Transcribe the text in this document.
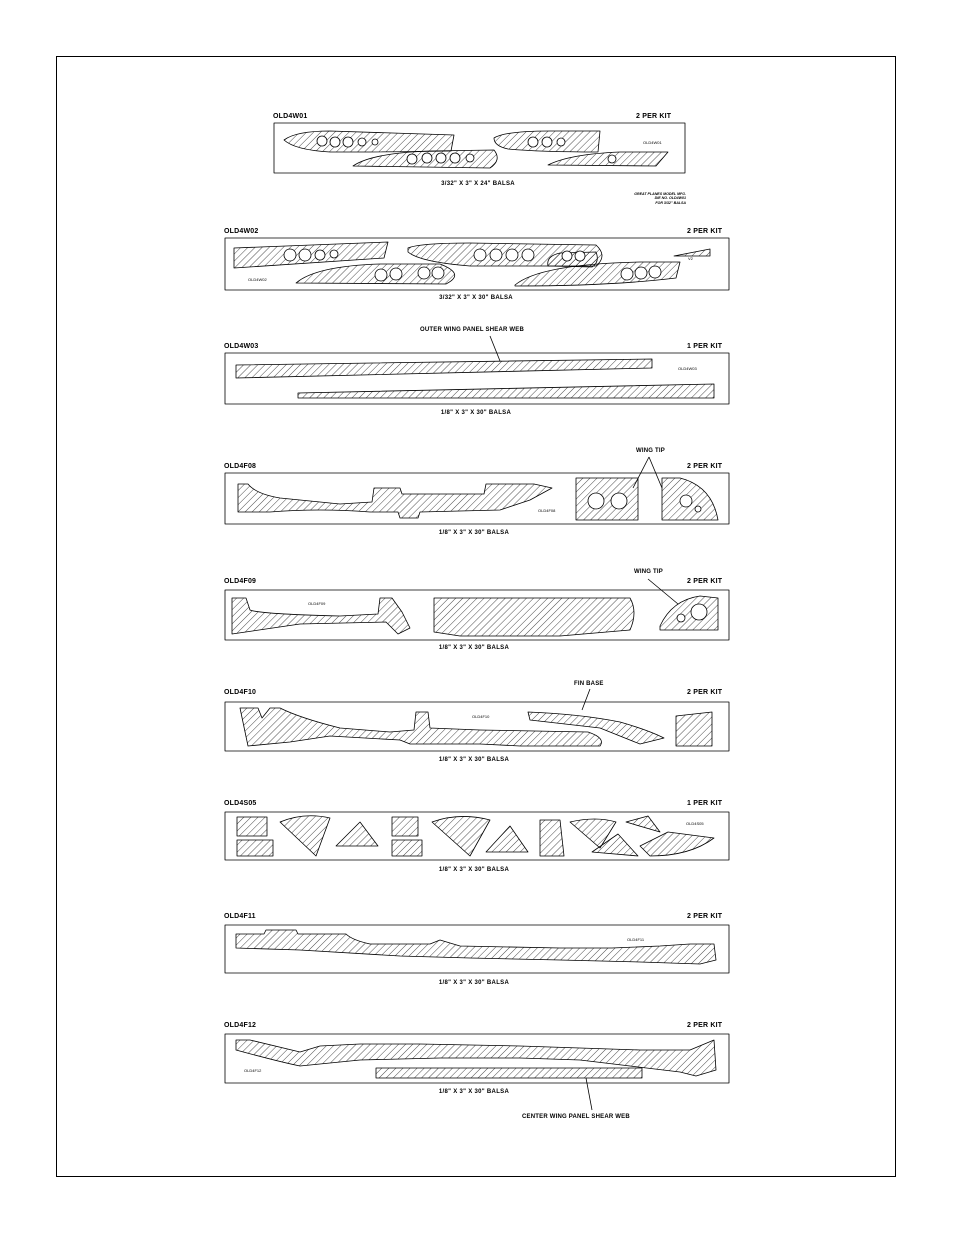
OLD4W01	2 PER KIT
3/32" X 3" X 24" BALSA
OLD4W01
GREAT PLANES MODEL MFG.
DIE NO. OLD4W01
FOR 3/32" BALSA
OLD4W02	2 PER KIT
3/32" X 3" X 30" BALSA
OLD4W02
V2
OLD4W03	1 PER KIT
1/8" X 3" X 30" BALSA
OLD4W03
OUTER WING PANEL SHEAR WEB
OLD4F08	2 PER KIT
1/8" X 3" X 30" BALSA
OLD4F08
WING TIP
OLD4F09	2 PER KIT
1/8" X 3" X 30" BALSA
OLD4F09
WING TIP
OLD4F10	2 PER KIT
1/8" X 3" X 30" BALSA
OLD4F10
FIN BASE
OLD4S05	1 PER KIT
1/8" X 3" X 30" BALSA
OLD4S05
OLD4F11	2 PER KIT
1/8" X 3" X 30" BALSA
OLD4F11
OLD4F12	2 PER KIT
1/8" X 3" X 30" BALSA
OLD4F12
CENTER WING PANEL SHEAR WEB
